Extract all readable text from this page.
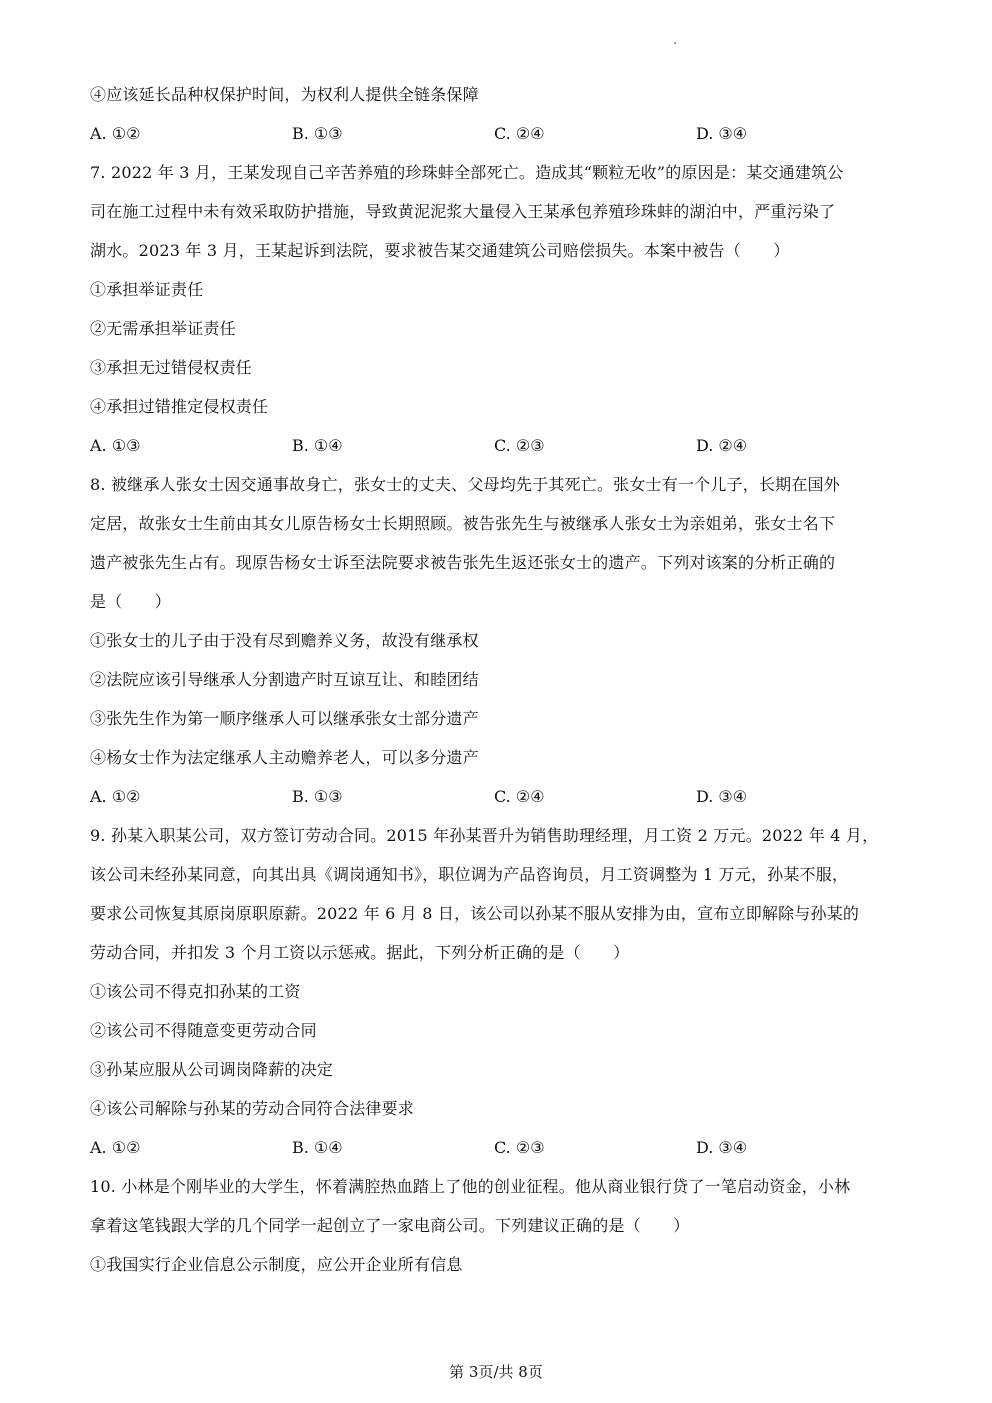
④应该延长品种权保护时间，为权利人提供全链条保障
A. ①②	B. ①③	C. ②④	D. ③④
7. 2022 年 3 月，王某发现自己辛苦养殖的珍珠蚌全部死亡。造成其“颗粒无收”的原因是：某交通建筑公
司在施工过程中未有效采取防护措施，导致黄泥泥浆大量侵入王某承包养殖珍珠蚌的湖泊中，严重污染了
湖水。2023 年 3 月，王某起诉到法院，要求被告某交通建筑公司赔偿损失。本案中被告（　　）
①承担举证责任
②无需承担举证责任
③承担无过错侵权责任
④承担过错推定侵权责任
A. ①③	B. ①④	C. ②③	D. ②④
8. 被继承人张女士因交通事故身亡，张女士的丈夫、父母均先于其死亡。张女士有一个儿子，长期在国外
定居，故张女士生前由其女儿原告杨女士长期照顾。被告张先生与被继承人张女士为亲姐弟，张女士名下
遗产被张先生占有。现原告杨女士诉至法院要求被告张先生返还张女士的遗产。下列对该案的分析正确的
是（　　）
①张女士的儿子由于没有尽到赡养义务，故没有继承权
②法院应该引导继承人分割遗产时互谅互让、和睦团结
③张先生作为第一顺序继承人可以继承张女士部分遗产
④杨女士作为法定继承人主动赡养老人，可以多分遗产
A. ①②	B. ①③	C. ②④	D. ③④
9. 孙某入职某公司，双方签订劳动合同。2015 年孙某晋升为销售助理经理，月工资 2 万元。2022 年 4 月，
该公司未经孙某同意，向其出具《调岗通知书》，职位调为产品咨询员，月工资调整为 1 万元，孙某不服，
要求公司恢复其原岗原职原薪。2022 年 6 月 8 日，该公司以孙某不服从安排为由，宣布立即解除与孙某的
劳动合同，并扣发 3 个月工资以示惩戒。据此，下列分析正确的是（　　）
①该公司不得克扣孙某的工资
②该公司不得随意变更劳动合同
③孙某应服从公司调岗降薪的决定
④该公司解除与孙某的劳动合同符合法律要求
A. ①②	B. ①④	C. ②③	D. ③④
10. 小林是个刚毕业的大学生，怀着满腔热血踏上了他的创业征程。他从商业银行贷了一笔启动资金，小林
拿着这笔钱跟大学的几个同学一起创立了一家电商公司。下列建议正确的是（　　）
①我国实行企业信息公示制度，应公开企业所有信息
第 3页/共 8页
